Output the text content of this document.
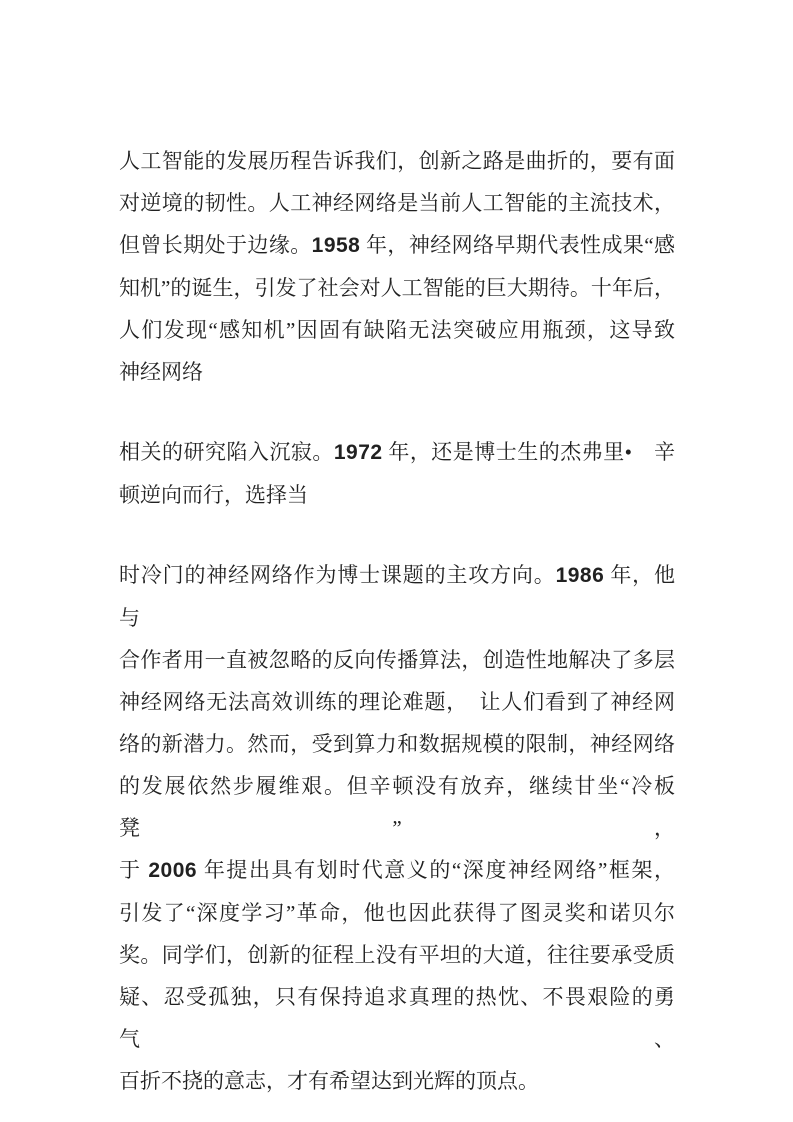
人工智能的发展历程告诉我们，创新之路是曲折的，要有面
对逆境的韧性。人工神经网络是当前人工智能的主流技术，
但曾长期处于边缘。1958 年，神经网络早期代表性成果“感
知机”的诞生，引发了社会对人工智能的巨大期待。十年后，
人们发现“感知机”因固有缺陷无法突破应用瓶颈，这导致
神经网络
相关的研究陷入沉寂。1972 年，还是博士生的杰弗里•　辛
顿逆向而行，选择当
时冷门的神经网络作为博士课题的主攻方向。1986 年，他与
合作者用一直被忽略的反向传播算法，创造性地解决了多层
神经网络无法高效训练的理论难题，　让人们看到了神经网
络的新潜力。然而，受到算力和数据规模的限制，神经网络
的发展依然步履维艰。但辛顿没有放弃，继续甘坐“冷板凳”，
于 2006 年提出具有划时代意义的“深度神经网络”框架，
引发了“深度学习”革命，他也因此获得了图灵奖和诺贝尔
奖。同学们，创新的征程上没有平坦的大道，往往要承受质
疑、忍受孤独，只有保持追求真理的热忱、不畏艰险的勇气、
百折不挠的意志，才有希望达到光辉的顶点。
